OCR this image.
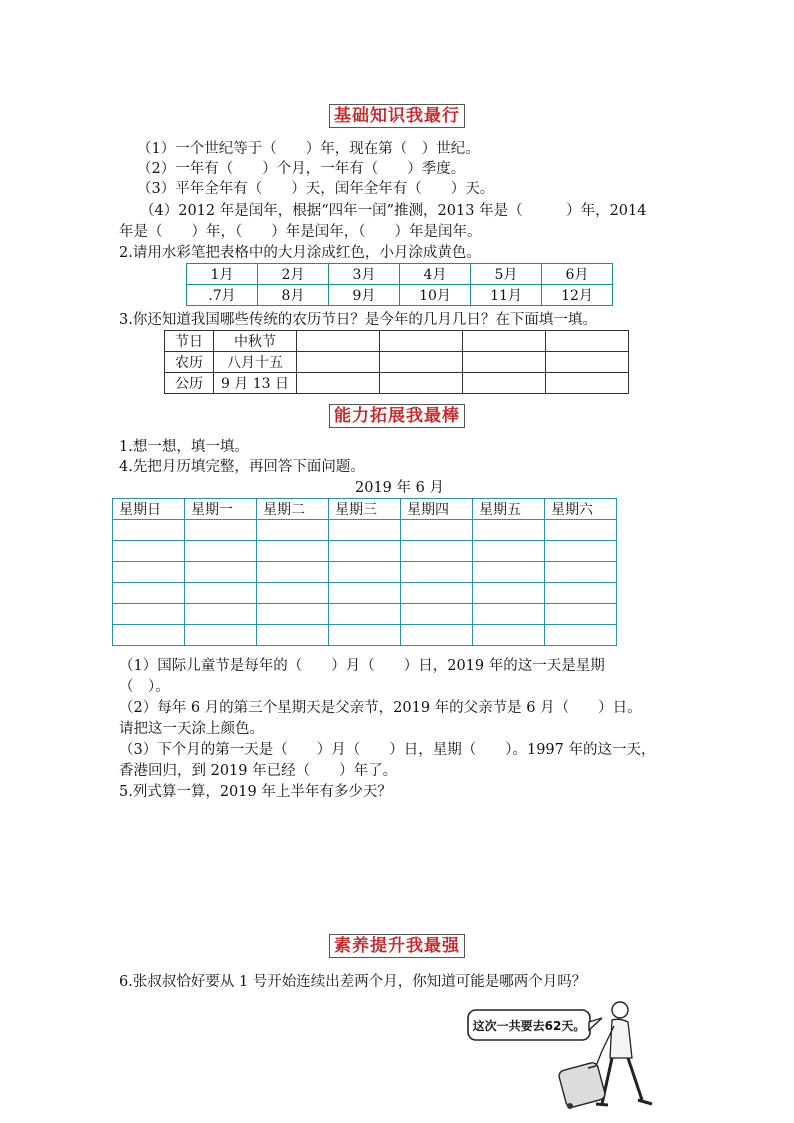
基础知识我最行
（1）一个世纪等于（　　）年，现在第（　）世纪。
（2）一年有（　　）个月，一年有（　　）季度。
（3）平年全年有（　　）天，闰年全年有（　　）天。
（4）2012 年是闰年，根据“四年一闰”推测，2013 年是（　　　）年，2014
年是（　　）年，（　　）年是闰年，（　　）年是闰年。
2.请用水彩笔把表格中的大月涂成红色，小月涂成黄色。
1月	2月	3月	4月	5月	6月
.7月	8月	9月	10月	11月	12月
3.你还知道我国哪些传统的农历节日？是今年的几月几日？在下面填一填。
节日	中秋节				
农历	八月十五				
公历	9 月 13 日				
能力拓展我最棒
1.想一想，填一填。
4.先把月历填完整，再回答下面问题。
2019 年 6 月
星期日	星期一	星期二	星期三	星期四	星期五	星期六

（1）国际儿童节是每年的（　　）月（　　）日，2019 年的这一天是星期
（　）。
（2）每年 6 月的第三个星期天是父亲节，2019 年的父亲节是 6 月（　　）日。
请把这一天涂上颜色。
（3）下个月的第一天是（　　）月（　　）日，星期（　　）。1997 年的这一天，
香港回归，到 2019 年已经（　　）年了。
5.列式算一算，2019 年上半年有多少天？
素养提升我最强
6.张叔叔恰好要从 1 号开始连续出差两个月，你知道可能是哪两个月吗？
这次一共要去62天。
